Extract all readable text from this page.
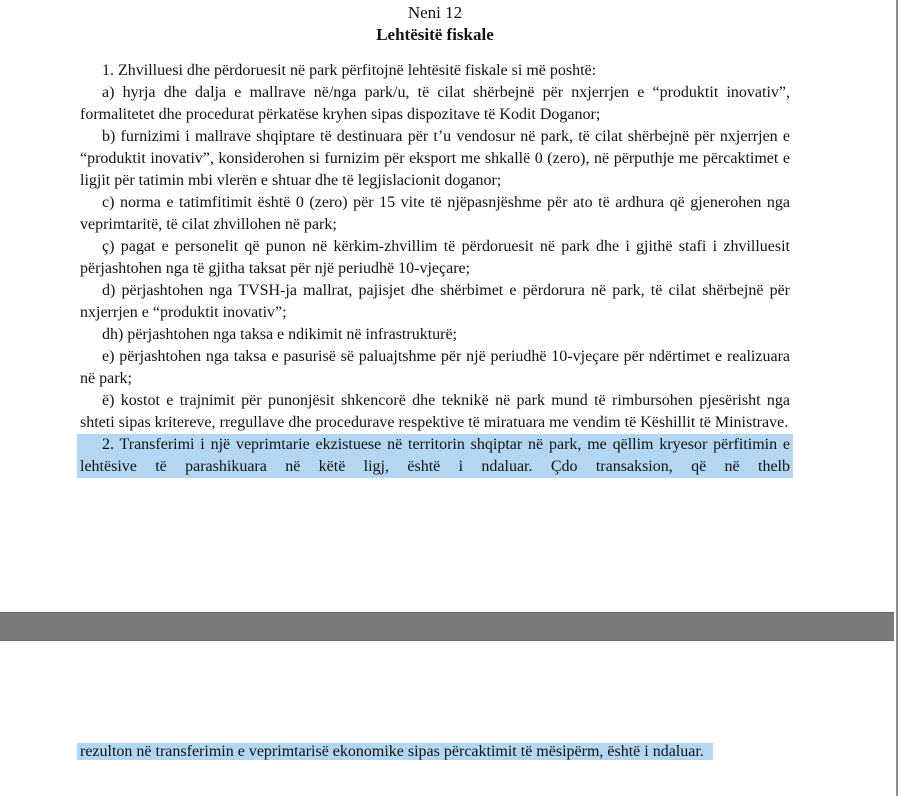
Neni 12
Lehtësitë fiskale

1. Zhvilluesi dhe përdoruesit në park përfitojnë lehtësitë fiskale si më poshtë:

a) hyrja dhe dalja e mallrave në/nga park/u, të cilat shërbejnë për nxjerrjen e “produktit inovativ”, formalitetet dhe procedurat përkatëse kryhen sipas dispozitave të Kodit Doganor;

b) furnizimi i mallrave shqiptare të destinuara për t’u vendosur në park, të cilat shërbejnë për nxjerrjen e “produktit inovativ”, konsiderohen si furnizim për eksport me shkallë 0 (zero), në përputhje me përcaktimet e ligjit për tatimin mbi vlerën e shtuar dhe të legjislacionit doganor;

c) norma e tatimfitimit është 0 (zero) për 15 vite të njëpasnjëshme për ato të ardhura që gjenerohen nga veprimtaritë, të cilat zhvillohen në park;

ç) pagat e personelit që punon në kërkim-zhvillim të përdoruesit në park dhe i gjithë stafi i zhvilluesit përjashtohen nga të gjitha taksat për një periudhë 10-vjeçare;

d) përjashtohen nga TVSH-ja mallrat, pajisjet dhe shërbimet e përdorura në park, të cilat shërbejnë për nxjerrjen e “produktit inovativ”;

dh) përjashtohen nga taksa e ndikimit në infrastrukturë;

e) përjashtohen nga taksa e pasurisë së paluajtshme për një periudhë 10-vjeçare për ndërtimet e realizuara në park;

ë) kostot e trajnimit për punonjësit shkencorë dhe teknikë në park mund të rimbursohen pjesërisht nga shteti sipas kritereve, rregullave dhe procedurave respektive të miratuara me vendim të Këshillit të Ministrave.

2. Transferimi i një veprimtarie ekzistuese në territorin shqiptar në park, me qëllim kryesor përfitimin e lehtësive të parashikuara në këtë ligj, është i ndaluar. Çdo transaksion, që në thelb

rezulton në transferimin e veprimtarisë ekonomike sipas përcaktimit të mësipërm, është i ndaluar.
